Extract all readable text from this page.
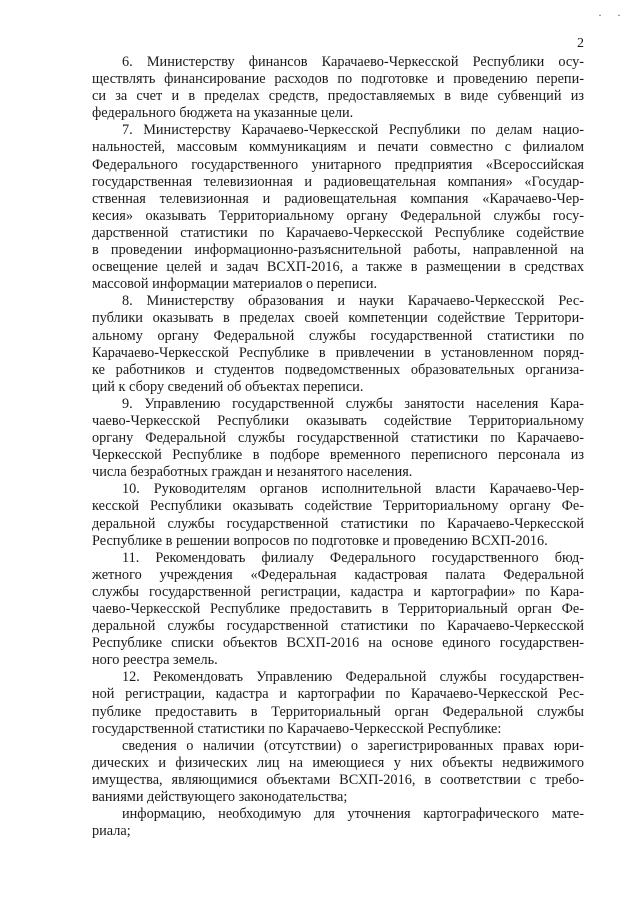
· ·
2
6. Министерству финансов Карачаево-Черкесской Республики осу-
ществлять финансирование расходов по подготовке и проведению перепи-
си за счет и в пределах средств, предоставляемых в виде субвенций из
федерального бюджета на указанные цели.
7. Министерству Карачаево-Черкесской Республики по делам нацио-
нальностей, массовым коммуникациям и печати совместно с филиалом
Федерального государственного унитарного предприятия «Всероссийская
государственная телевизионная и радиовещательная компания» «Государ-
ственная телевизионная и радиовещательная компания «Карачаево-Чер-
кесия» оказывать Территориальному органу Федеральной службы госу-
дарственной статистики по Карачаево-Черкесской Республике содействие
в проведении информационно-разъяснительной работы, направленной на
освещение целей и задач ВСХП-2016, а также в размещении в средствах
массовой информации материалов о переписи.
8. Министерству образования и науки Карачаево-Черкесской Рес-
публики оказывать в пределах своей компетенции содействие Территори-
альному органу Федеральной службы государственной статистики по
Карачаево-Черкесской Республике в привлечении в установленном поряд-
ке работников и студентов подведомственных образовательных организа-
ций к сбору сведений об объектах переписи.
9. Управлению государственной службы занятости населения Кара-
чаево-Черкесской Республики оказывать содействие Территориальному
органу Федеральной службы государственной статистики по Карачаево-
Черкесской Республике в подборе временного переписного персонала из
числа безработных граждан и незанятого населения.
10. Руководителям органов исполнительной власти Карачаево-Чер-
кесской Республики оказывать содействие Территориальному органу Фе-
деральной службы государственной статистики по Карачаево-Черкесской
Республике в решении вопросов по подготовке и проведению ВСХП-2016.
11. Рекомендовать филиалу Федерального государственного бюд-
жетного учреждения «Федеральная кадастровая палата Федеральной
службы государственной регистрации, кадастра и картографии» по Кара-
чаево-Черкесской Республике предоставить в Территориальный орган Фе-
деральной службы государственной статистики по Карачаево-Черкесской
Республике списки объектов ВСХП-2016 на основе единого государствен-
ного реестра земель.
12. Рекомендовать Управлению Федеральной службы государствен-
ной регистрации, кадастра и картографии по Карачаево-Черкесской Рес-
публике предоставить в Территориальный орган Федеральной службы
государственной статистики по Карачаево-Черкесской Республике:
сведения о наличии (отсутствии) о зарегистрированных правах юри-
дических и физических лиц на имеющиеся у них объекты недвижимого
имущества, являющимися объектами ВСХП-2016, в соответствии с требо-
ваниями действующего законодательства;
информацию, необходимую для уточнения картографического мате-
риала;
